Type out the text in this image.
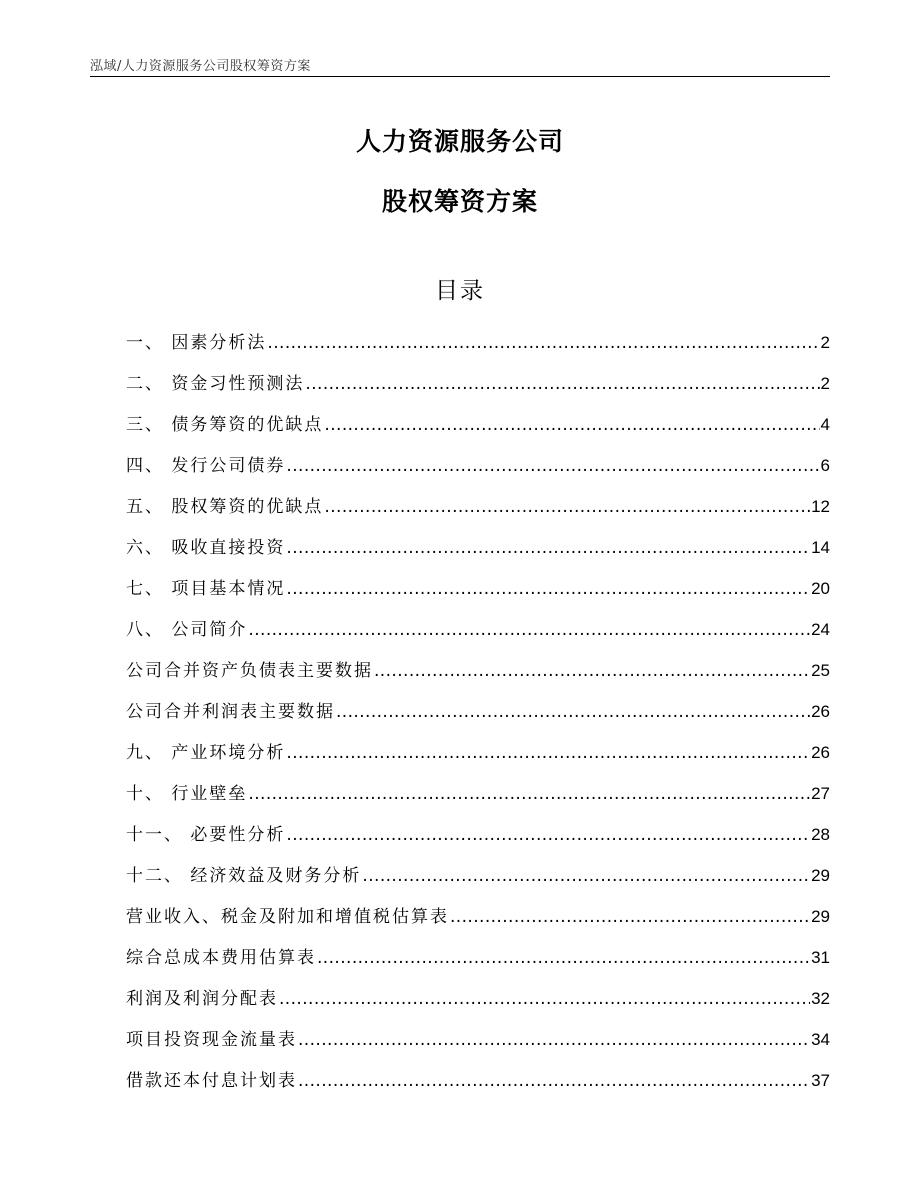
泓域/人力资源服务公司股权筹资方案
人力资源服务公司
股权筹资方案
目录
一、 因素分析法 .....	2
二、 资金习性预测法 .....	2
三、 债务筹资的优缺点 .....	4
四、 发行公司债券 .....	6
五、 股权筹资的优缺点 .....	12
六、 吸收直接投资 .....	14
七、 项目基本情况 .....	20
八、 公司简介 .....	24
公司合并资产负债表主要数据 .....	25
公司合并利润表主要数据 .....	26
九、 产业环境分析 .....	26
十、 行业壁垒 .....	27
十一、 必要性分析 .....	28
十二、 经济效益及财务分析 .....	29
营业收入、税金及附加和增值税估算表 .....	29
综合总成本费用估算表 .....	31
利润及利润分配表 .....	32
项目投资现金流量表 .....	34
借款还本付息计划表 .....	37
